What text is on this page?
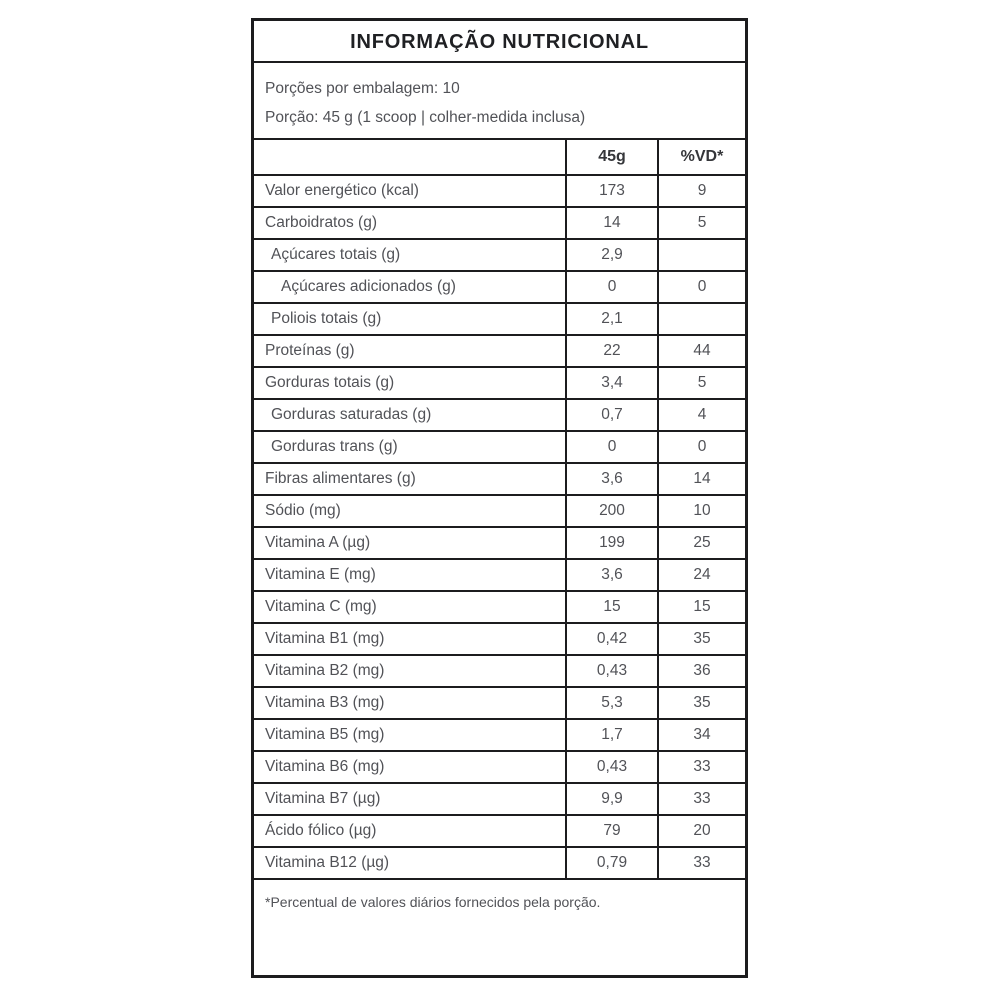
INFORMAÇÃO NUTRICIONAL
Porções por embalagem: 10
Porção: 45 g (1 scoop | colher-medida inclusa)
	45g	%VD*
Valor energético (kcal)	173	9
Carboidratos (g)	14	5
Açúcares totais (g)	2,9	
Açúcares adicionados (g)	0	0
Poliois totais (g)	2,1	
Proteínas (g)	22	44
Gorduras totais (g)	3,4	5
Gorduras saturadas (g)	0,7	4
Gorduras trans (g)	0	0
Fibras alimentares (g)	3,6	14
Sódio (mg)	200	10
Vitamina A (µg)	199	25
Vitamina E (mg)	3,6	24
Vitamina C (mg)	15	15
Vitamina B1 (mg)	0,42	35
Vitamina B2 (mg)	0,43	36
Vitamina B3 (mg)	5,3	35
Vitamina B5 (mg)	1,7	34
Vitamina B6 (mg)	0,43	33
Vitamina B7 (µg)	9,9	33
Ácido fólico (µg)	79	20
Vitamina B12 (µg)	0,79	33
*Percentual de valores diários fornecidos pela porção.
